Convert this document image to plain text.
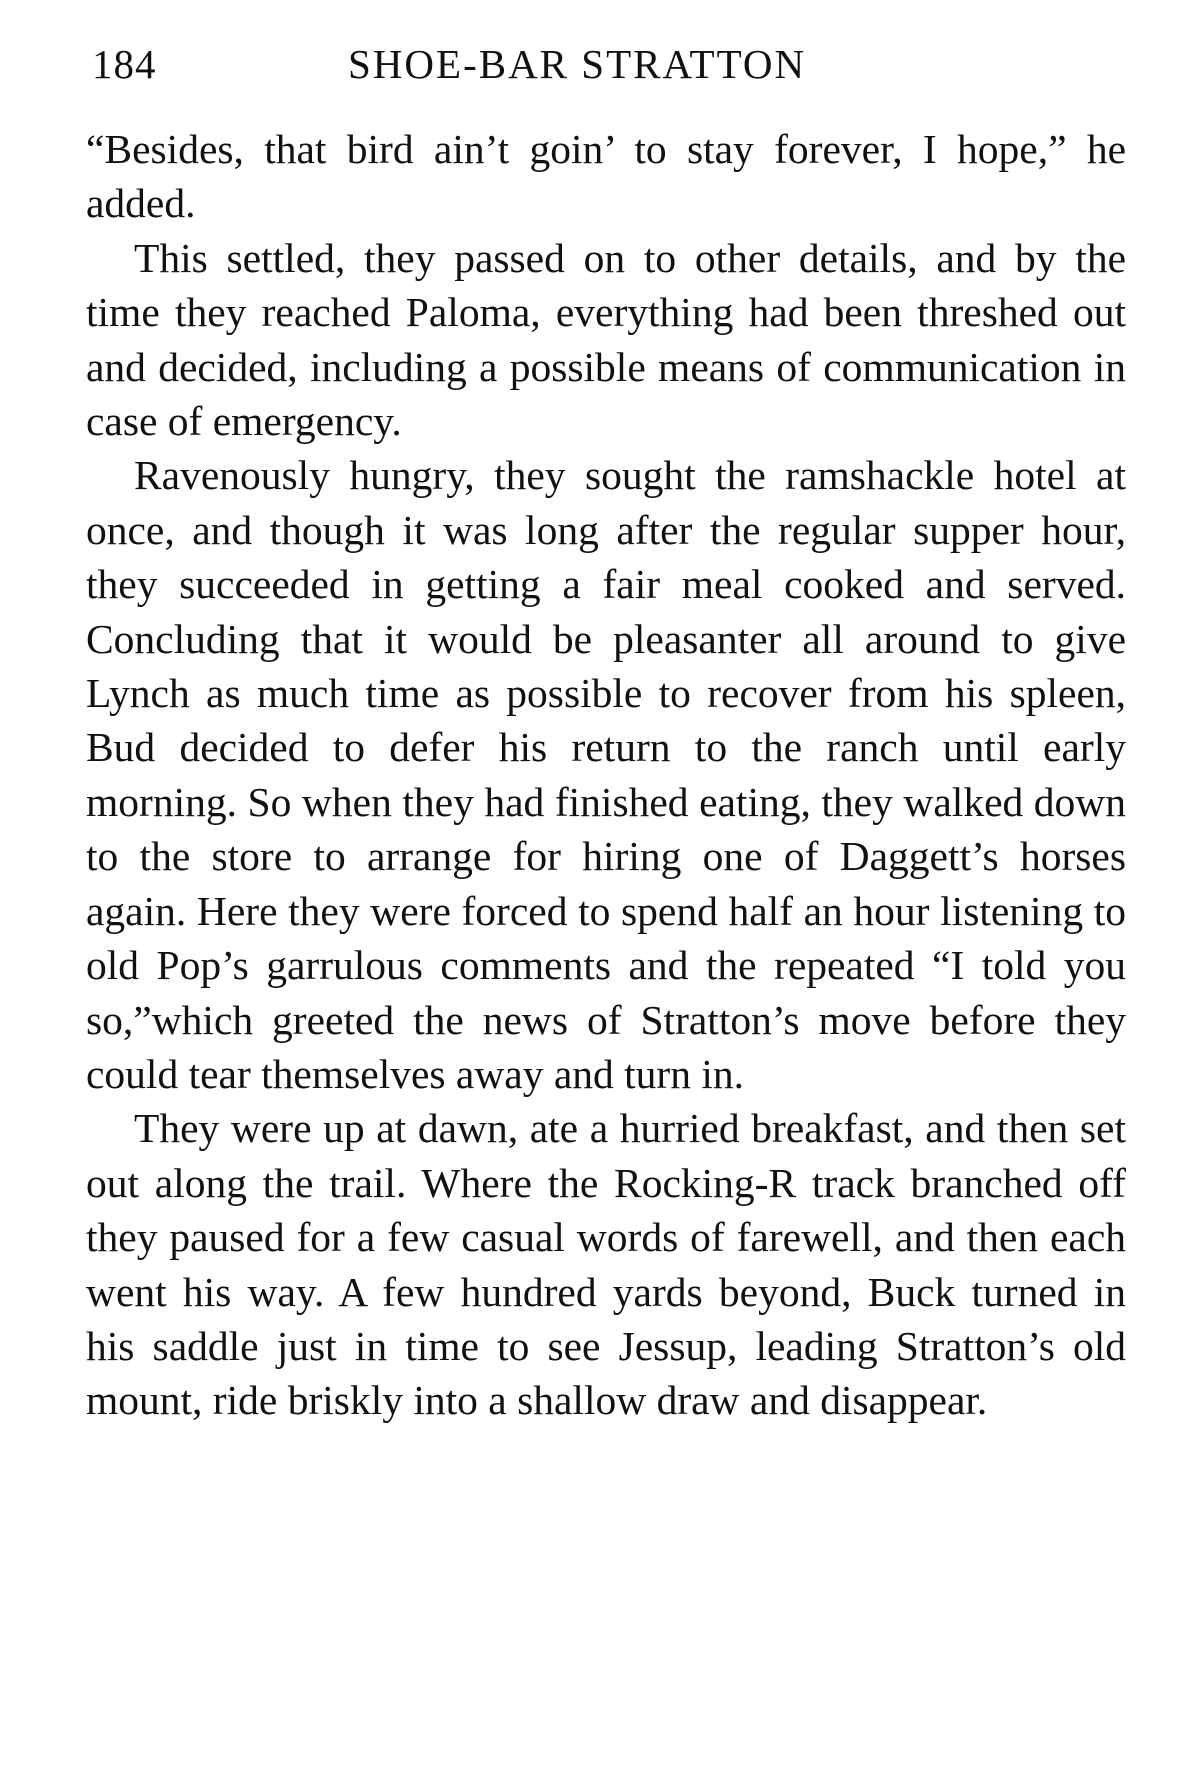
184	SHOE-BAR STRATTON

“Besides, that bird ain’t goin’ to stay forever, I hope,” he added.

This settled, they passed on to other details, and by the time they reached Paloma, everything had been threshed out and decided, including a possible means of communication in case of emergency.

Ravenously hungry, they sought the ramshackle hotel at once, and though it was long after the regular supper hour, they succeeded in getting a fair meal cooked and served. Concluding that it would be pleasanter all around to give Lynch as much time as possible to recover from his spleen, Bud decided to defer his return to the ranch until early morning. So when they had finished eating, they walked down to the store to arrange for hiring one of Daggett’s horses again. Here they were forced to spend half an hour listening to old Pop’s garrulous comments and the repeated “I told you so,”which greeted the news of Stratton’s move before they could tear themselves away and turn in.

They were up at dawn, ate a hurried breakfast, and then set out along the trail. Where the Rocking-R track branched off they paused for a few casual words of farewell, and then each went his way. A few hundred yards beyond, Buck turned in his saddle just in time to see Jessup, leading Stratton’s old mount, ride briskly into a shallow draw and disappear.
